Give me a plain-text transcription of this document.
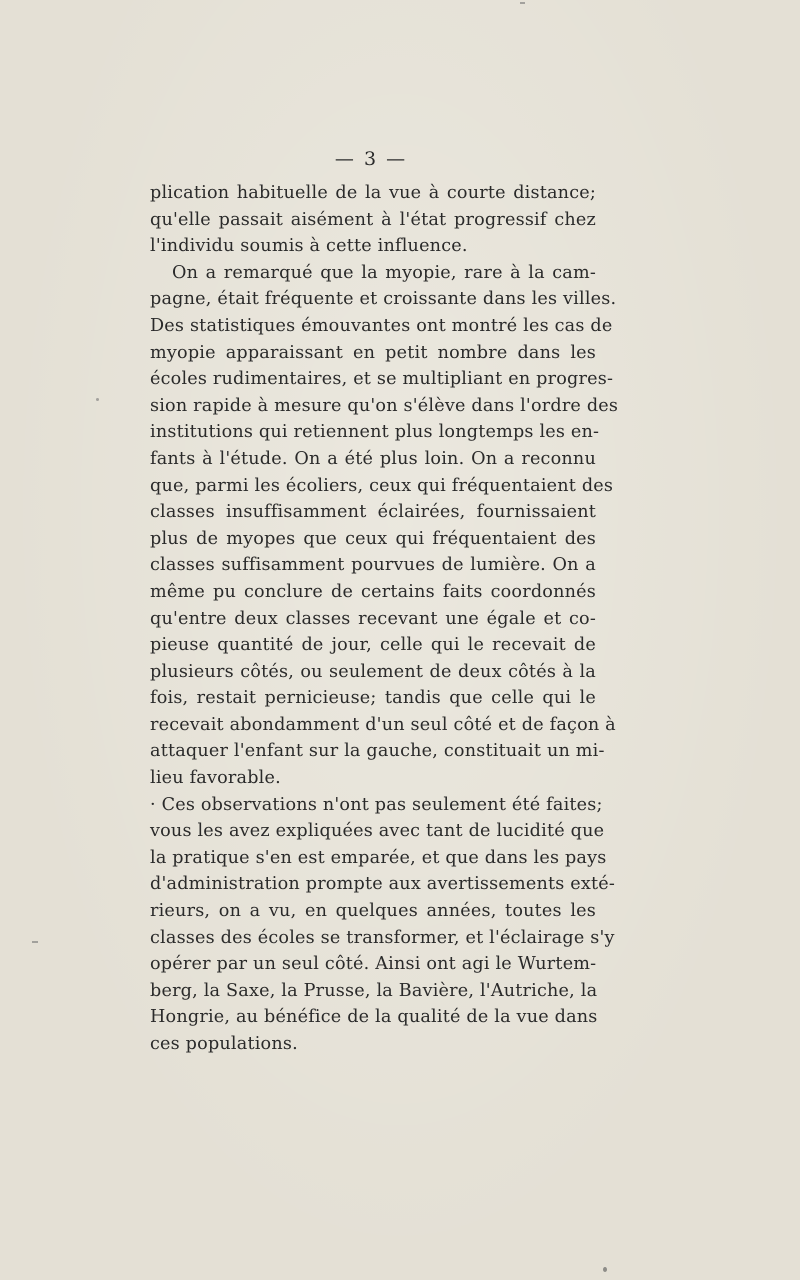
— 3 —
plication habituelle de la vue à courte distance;
qu'elle passait aisément à l'état progressif chez
l'individu soumis à cette influence.
On a remarqué que la myopie, rare à la cam-
pagne, était fréquente et croissante dans les villes.
Des statistiques émouvantes ont montré les cas de
myopie apparaissant en petit nombre dans les
écoles rudimentaires, et se multipliant en progres-
sion rapide à mesure qu'on s'élève dans l'ordre des
institutions qui retiennent plus longtemps les en-
fants à l'étude. On a été plus loin. On a reconnu
que, parmi les écoliers, ceux qui fréquentaient des
classes insuffisamment éclairées, fournissaient
plus de myopes que ceux qui fréquentaient des
classes suffisamment pourvues de lumière. On a
même pu conclure de certains faits coordonnés
qu'entre deux classes recevant une égale et co-
pieuse quantité de jour, celle qui le recevait de
plusieurs côtés, ou seulement de deux côtés à la
fois, restait pernicieuse; tandis que celle qui le
recevait abondamment d'un seul côté et de façon à
attaquer l'enfant sur la gauche, constituait un mi-
lieu favorable.
· Ces observations n'ont pas seulement été faites;
vous les avez expliquées avec tant de lucidité que
la pratique s'en est emparée, et que dans les pays
d'administration prompte aux avertissements exté-
rieurs, on a vu, en quelques années, toutes les
classes des écoles se transformer, et l'éclairage s'y
opérer par un seul côté. Ainsi ont agi le Wurtem-
berg, la Saxe, la Prusse, la Bavière, l'Autriche, la
Hongrie, au bénéfice de la qualité de la vue dans
ces populations.
